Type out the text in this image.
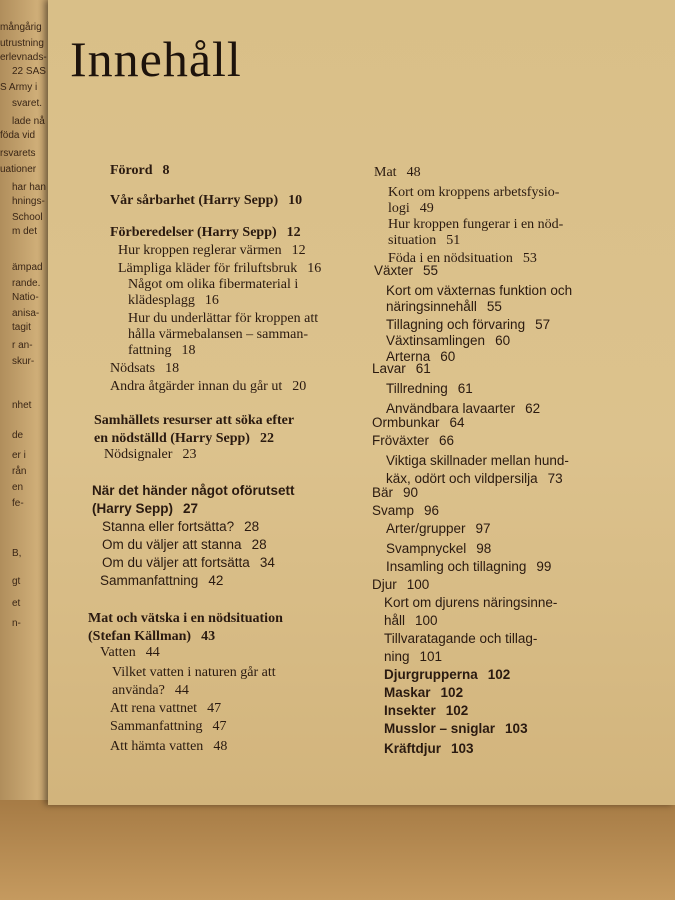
mångårig
utrustning
erlevnads-
22 SAS
S Army i
svaret.
lade nå
föda vid
rsvarets
uationer
har han
hnings-
School
m det
ämpad
rande.
Natio-
anisa-
tagit
r an-
skur-
nhet
de
er i
rån
en
fe-
B,
gt
et
n-
Innehåll
Förord 8
Vår sårbarhet (Harry Sepp) 10
Förberedelser (Harry Sepp) 12
Hur kroppen reglerar värmen 12
Lämpliga kläder för friluftsbruk 16
Något om olika fibermaterial i
klädesplagg 16
Hur du underlättar för kroppen att
hålla värmebalansen – samman-
fattning 18
Nödsats 18
Andra åtgärder innan du går ut 20
Samhällets resurser att söka efter
en nödställd (Harry Sepp) 22
Nödsignaler 23
När det händer något oförutsett
(Harry Sepp) 27
Stanna eller fortsätta? 28
Om du väljer att stanna 28
Om du väljer att fortsätta 34
Sammanfattning 42
Mat och vätska i en nödsituation
(Stefan Källman) 43
Vatten 44
Vilket vatten i naturen går att
använda? 44
Att rena vattnet 47
Sammanfattning 47
Att hämta vatten 48
Mat 48
Kort om kroppens arbetsfysio-
logi 49
Hur kroppen fungerar i en nöd-
situation 51
Föda i en nödsituation 53
Växter 55
Kort om växternas funktion och
näringsinnehåll 55
Tillagning och förvaring 57
Växtinsamlingen 60
Arterna 60
Lavar 61
Tillredning 61
Användbara lavaarter 62
Ormbunkar 64
Fröväxter 66
Viktiga skillnader mellan hund-
käx, odört och vildpersilja 73
Bär 90
Svamp 96
Arter/grupper 97
Svampnyckel 98
Insamling och tillagning 99
Djur 100
Kort om djurens näringsinne-
håll 100
Tillvaratagande och tillag-
ning 101
Djurgrupperna 102
Maskar 102
Insekter 102
Musslor – sniglar 103
Kräftdjur 103
